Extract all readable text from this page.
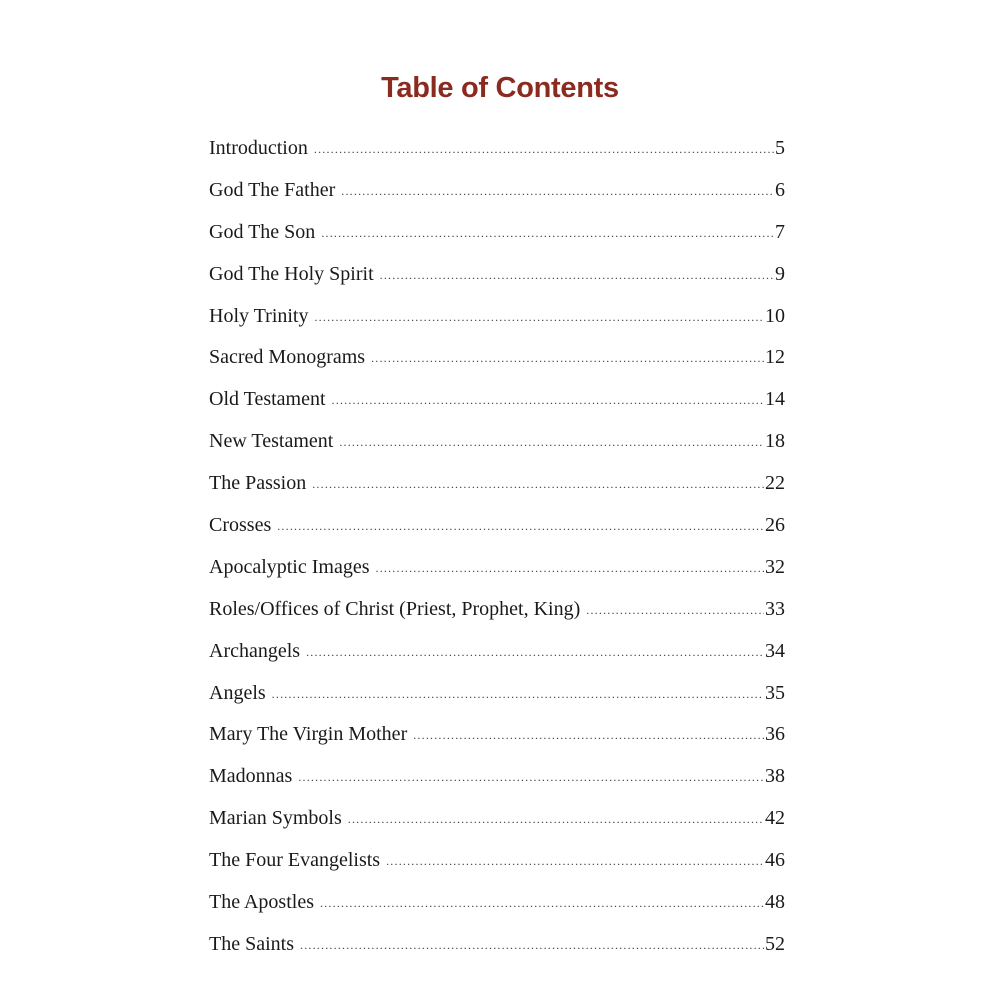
Table of Contents
Introduction .....	5
God The Father .....	6
God The Son .....	7
God The Holy Spirit .....	9
Holy Trinity .....	10
Sacred Monograms .....	12
Old Testament .....	14
New Testament .....	18
The Passion .....	22
Crosses .....	26
Apocalyptic Images .....	32
Roles/Offices of Christ (Priest, Prophet, King) .....	33
Archangels .....	34
Angels .....	35
Mary The Virgin Mother .....	36
Madonnas .....	38
Marian Symbols .....	42
The Four Evangelists .....	46
The Apostles .....	48
The Saints .....	52
